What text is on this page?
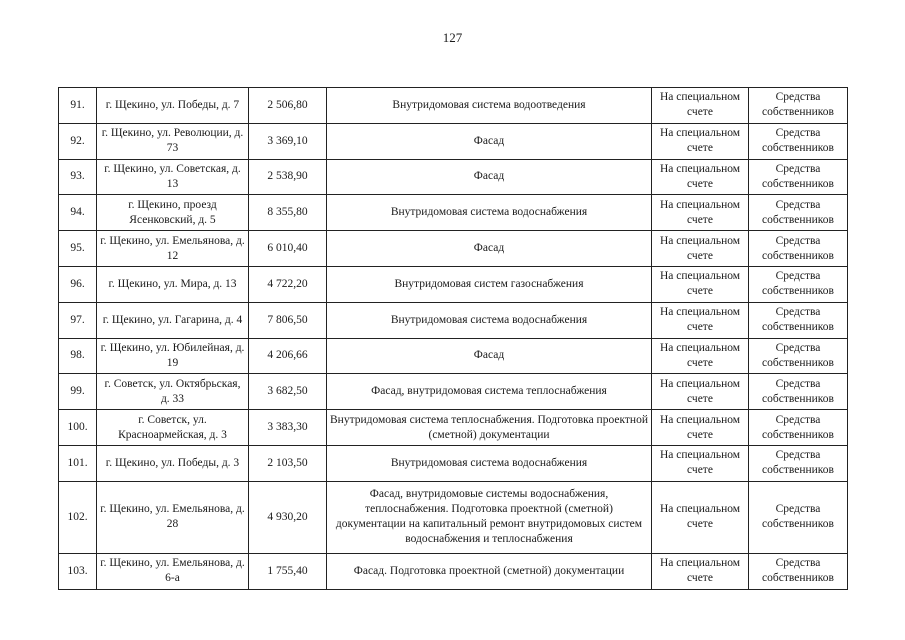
127
91.	г. Щекино, ул. Победы, д. 7	2 506,80	Внутридомовая система водоотведения	На специальном счете	Средства собственников
92.	г. Щекино, ул. Революции, д. 73	3 369,10	Фасад	На специальном счете	Средства собственников
93.	г. Щекино, ул. Советская, д. 13	2 538,90	Фасад	На специальном счете	Средства собственников
94.	г. Щекино, проезд Ясенковский, д. 5	8 355,80	Внутридомовая система водоснабжения	На специальном счете	Средства собственников
95.	г. Щекино, ул. Емельянова, д. 12	6 010,40	Фасад	На специальном счете	Средства собственников
96.	г. Щекино, ул. Мира, д. 13	4 722,20	Внутридомовая систем газоснабжения	На специальном счете	Средства собственников
97.	г. Щекино, ул. Гагарина, д. 4	7 806,50	Внутридомовая система водоснабжения	На специальном счете	Средства собственников
98.	г. Щекино, ул. Юбилейная, д. 19	4 206,66	Фасад	На специальном счете	Средства собственников
99.	г. Советск, ул. Октябрьская, д. 33	3 682,50	Фасад, внутридомовая система теплоснабжения	На специальном счете	Средства собственников
100.	г. Советск, ул. Красноармейская, д. 3	3 383,30	Внутридомовая система теплоснабжения. Подготовка проектной (сметной) документации	На специальном счете	Средства собственников
101.	г. Щекино, ул. Победы, д. 3	2 103,50	Внутридомовая система водоснабжения	На специальном счете	Средства собственников
102.	г. Щекино, ул. Емельянова, д. 28	4 930,20	Фасад, внутридомовые системы водоснабжения, теплоснабжения. Подготовка проектной (сметной) документации на капитальный ремонт внутридомовых систем водоснабжения и теплоснабжения	На специальном счете	Средства собственников
103.	г. Щекино, ул. Емельянова, д. 6-а	1 755,40	Фасад. Подготовка проектной (сметной) документации	На специальном счете	Средства собственников
